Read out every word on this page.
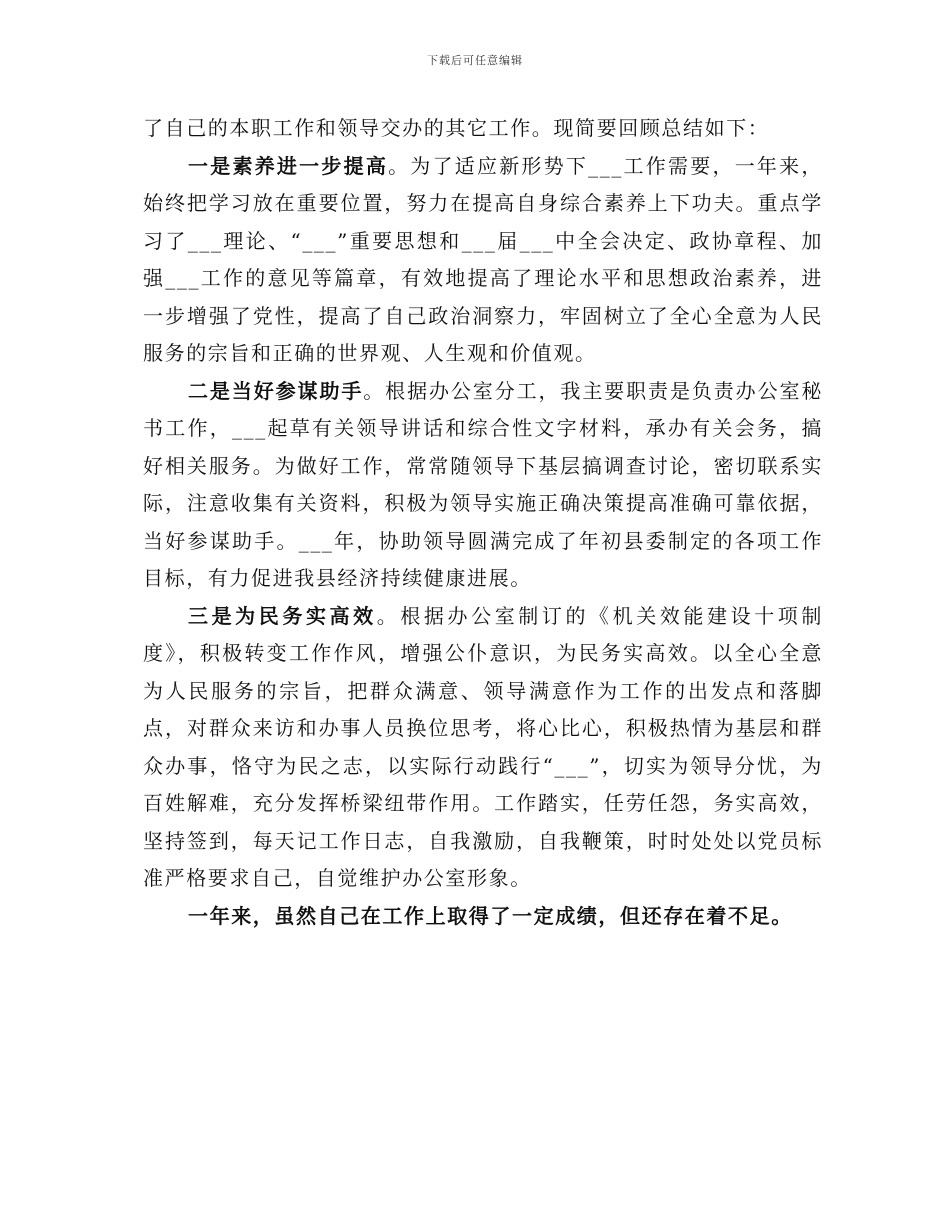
下载后可任意编辑

了自己的本职工作和领导交办的其它工作。现简要回顾总结如下：

一是素养进一步提高。为了适应新形势下___工作需要，一年来，始终把学习放在重要位置，努力在提高自身综合素养上下功夫。重点学习了___理论、“___”重要思想和___届___中全会决定、政协章程、加强___工作的意见等篇章，有效地提高了理论水平和思想政治素养，进一步增强了党性，提高了自己政治洞察力，牢固树立了全心全意为人民服务的宗旨和正确的世界观、人生观和价值观。

二是当好参谋助手。根据办公室分工，我主要职责是负责办公室秘书工作，___起草有关领导讲话和综合性文字材料，承办有关会务，搞好相关服务。为做好工作，常常随领导下基层搞调查讨论，密切联系实际，注意收集有关资料，积极为领导实施正确决策提高准确可靠依据，当好参谋助手。___年，协助领导圆满完成了年初县委制定的各项工作目标，有力促进我县经济持续健康进展。

三是为民务实高效。根据办公室制订的《机关效能建设十项制度》，积极转变工作作风，增强公仆意识，为民务实高效。以全心全意为人民服务的宗旨，把群众满意、领导满意作为工作的出发点和落脚点，对群众来访和办事人员换位思考，将心比心，积极热情为基层和群众办事，恪守为民之志，以实际行动践行“___”，切实为领导分忧，为百姓解难，充分发挥桥梁纽带作用。工作踏实，任劳任怨，务实高效，坚持签到，每天记工作日志，自我激励，自我鞭策，时时处处以党员标准严格要求自己，自觉维护办公室形象。

一年来，虽然自己在工作上取得了一定成绩，但还存在着不足。
